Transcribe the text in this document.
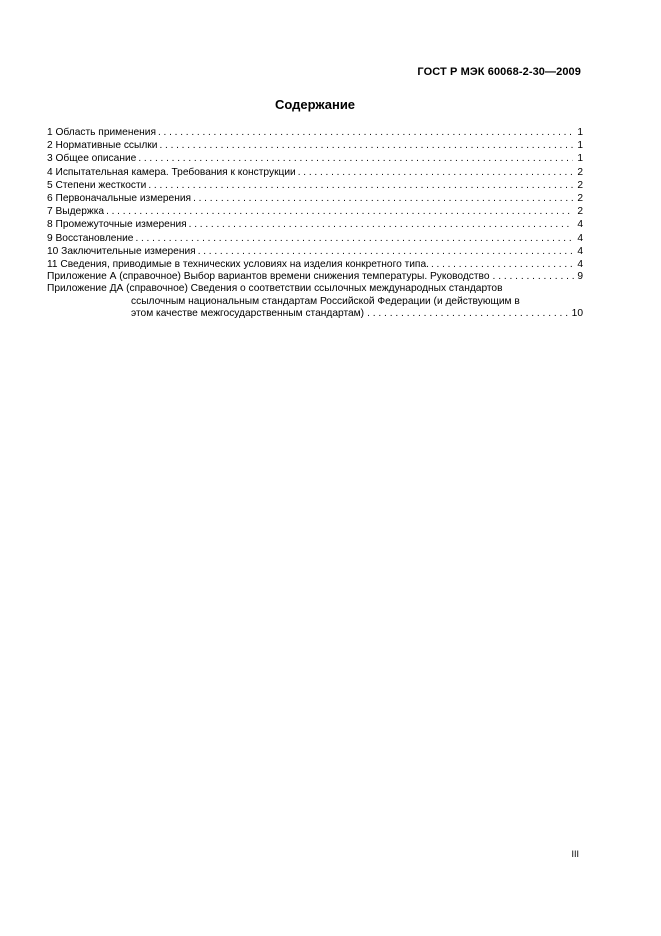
ГОСТ Р МЭК 60068-2-30—2009
Содержание
1 Область применения . . .	1
2 Нормативные ссылки . . .	1
3 Общее описание . . .	1
4 Испытательная камера. Требования к конструкции . . .	2
5 Степени жесткости . . .	2
6 Первоначальные измерения . . .	2
7 Выдержка . . .	2
8 Промежуточные измерения . . .	4
9 Восстановление . . .	4
10 Заключительные измерения . . .	4
11 Сведения, приводимые в технических условиях на изделия конкретного типа. . . .	4
Приложение А (справочное) Выбор вариантов времени снижения температуры. Руководство . . .	9
Приложение ДА (справочное) Сведения о соответствии ссылочных международных стандартов
ссылочным национальным стандартам Российской Федерации (и действующим в
этом качестве межгосударственным стандартам) . . .	10
III
